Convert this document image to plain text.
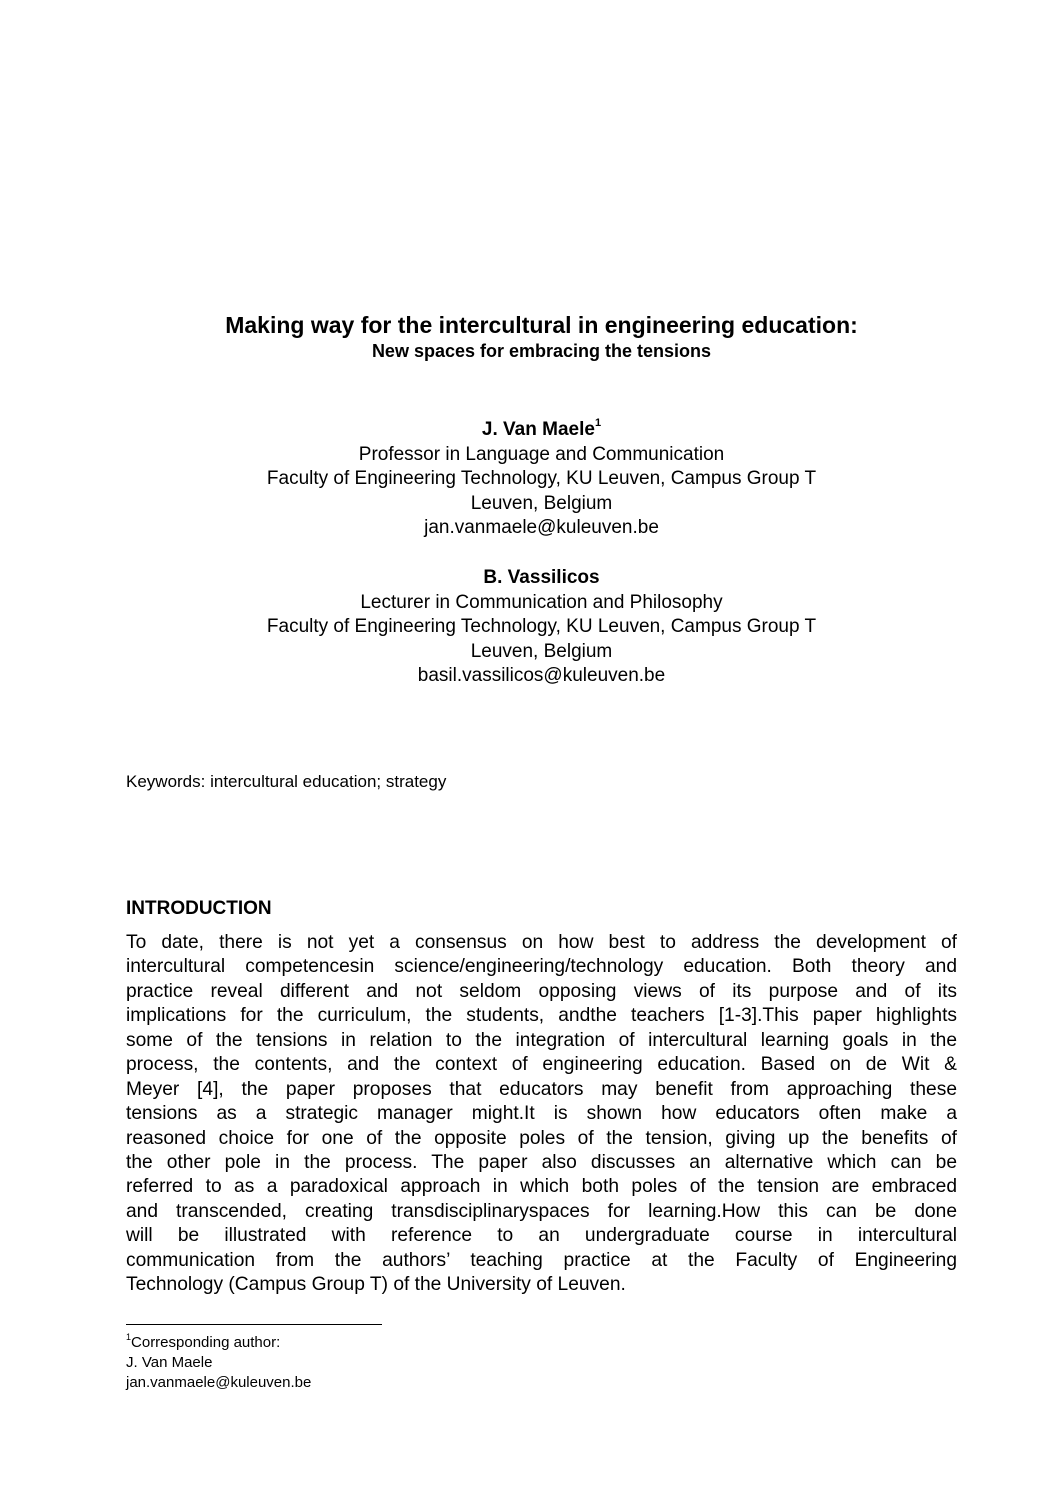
Making way for the intercultural in engineering education:
New spaces for embracing the tensions
J. Van Maele$^1$
Professor in Language and Communication
Faculty of Engineering Technology, KU Leuven, Campus Group T
Leuven, Belgium
jan.vanmaele@kuleuven.be
B. Vassilicos
Lecturer in Communication and Philosophy
Faculty of Engineering Technology, KU Leuven, Campus Group T
Leuven, Belgium
basil.vassilicos@kuleuven.be
Keywords: intercultural education; strategy
INTRODUCTION
To date, there is not yet a consensus on how best to address the development of
intercultural competencesin science/engineering/technology education. Both theory and
practice reveal different and not seldom opposing views of its purpose and of its
implications for the curriculum, the students, andthe teachers [1-3].This paper highlights
some of the tensions in relation to the integration of intercultural learning goals in the
process, the contents, and the context of engineering education. Based on de Wit &
Meyer [4], the paper proposes that educators may benefit from approaching these
tensions as a strategic manager might.It is shown how educators often make a
reasoned choice for one of the opposite poles of the tension, giving up the benefits of
the other pole in the process. The paper also discusses an alternative which can be
referred to as a paradoxical approach in which both poles of the tension are embraced
and transcended, creating transdisciplinaryspaces for learning.How this can be done
will be illustrated with reference to an undergraduate course in intercultural
communication from the authors’ teaching practice at the Faculty of Engineering
Technology (Campus Group T) of the University of Leuven.
$^1$Corresponding author:
J. Van Maele
jan.vanmaele@kuleuven.be
